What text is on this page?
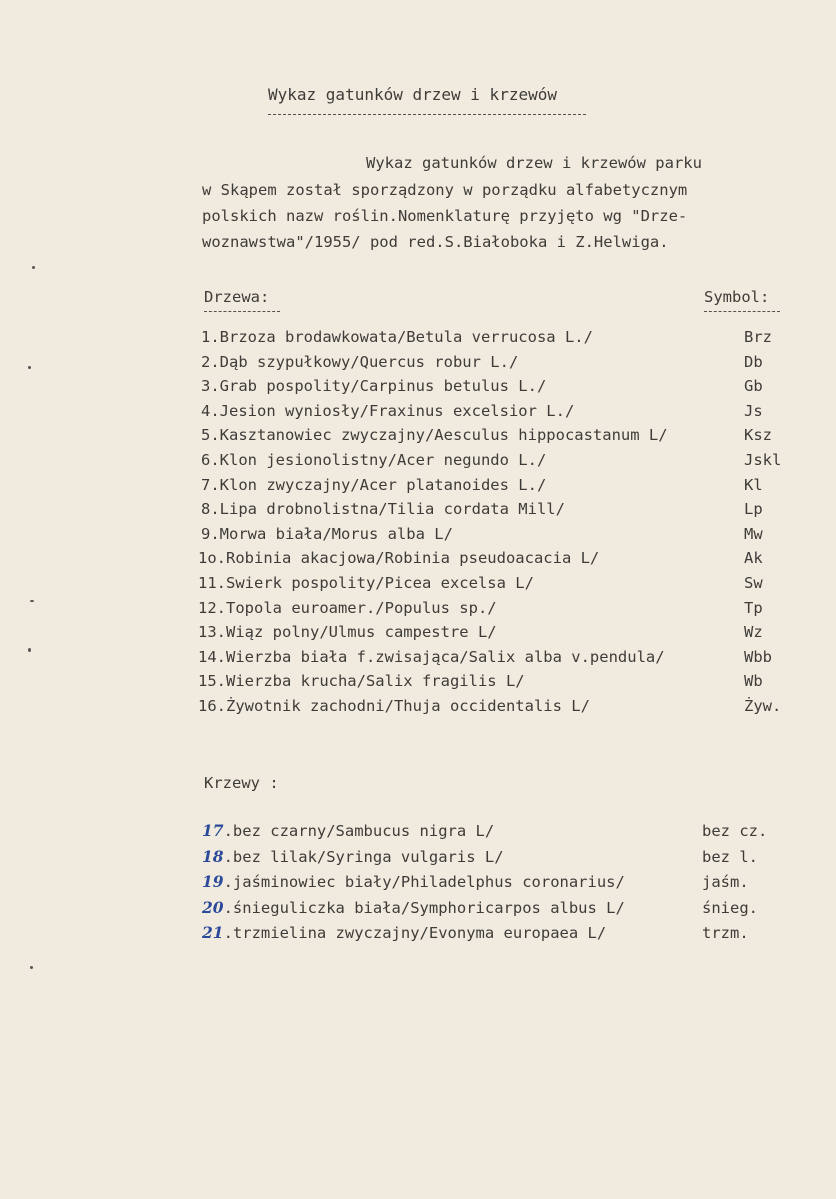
Wykaz gatunków drzew i krzewów
Wykaz gatunków drzew i krzewów parku
w Skąpem został sporządzony w porządku alfabetycznym
polskich nazw roślin.Nomenklaturę przyjęto wg "Drze-
woznawstwa"/1955/ pod red.S.Białoboka i Z.Helwiga.
Drzewa:	Symbol:
1.Brzoza brodawkowata/Betula verrucosa L./	Brz
2.Dąb szypułkowy/Quercus robur L./	Db
3.Grab pospolity/Carpinus betulus L./	Gb
4.Jesion wyniosły/Fraxinus excelsior L./	Js
5.Kasztanowiec zwyczajny/Aesculus hippocastanum L/	Ksz
6.Klon jesionolistny/Acer negundo L./	Jskl
7.Klon zwyczajny/Acer platanoides L./	Kl
8.Lipa drobnolistna/Tilia cordata Mill/	Lp
9.Morwa biała/Morus alba L/	Mw
1o.Robinia akacjowa/Robinia pseudoacacia L/	Ak
11.Swierk pospolity/Picea excelsa L/	Sw
12.Topola euroamer./Populus sp./	Tp
13.Wiąz polny/Ulmus campestre L/	Wz
14.Wierzba biała f.zwisająca/Salix alba v.pendula/	Wbb
15.Wierzba krucha/Salix fragilis L/	Wb
16.Żywotnik zachodni/Thuja occidentalis L/	Żyw.
Krzewy :
17.bez czarny/Sambucus nigra L/	bez cz.
18.bez lilak/Syringa vulgaris L/	bez l.
19.jaśminowiec biały/Philadelphus coronarius/	jaśm.
20.śnieguliczka biała/Symphoricarpos albus L/	śnieg.
21.trzmielina zwyczajny/Evonyma europaea L/	trzm.
